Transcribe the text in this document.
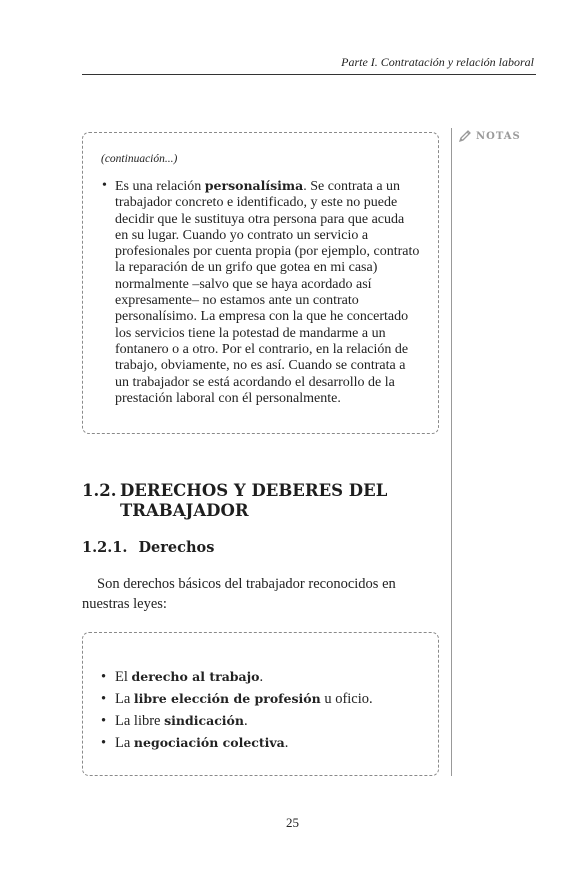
Parte I. Contratación y relación laboral
NOTAS
(continuación...)
• Es una relación personalísima. Se contrata a un trabajador concreto e identificado, y este no puede decidir que le sustituya otra persona para que acuda en su lugar. Cuando yo contrato un servicio a profesionales por cuenta propia (por ejemplo, contrato la reparación de un grifo que gotea en mi casa) normalmente –salvo que se haya acordado así expresamente– no estamos ante un contrato personalísimo. La empresa con la que he concertado los servicios tiene la potestad de mandarme a un fontanero o a otro. Por el contrario, en la relación de trabajo, obviamente, no es así. Cuando se contrata a un trabajador se está acordando el desarrollo de la prestación laboral con él personalmente.

1.2. DERECHOS Y DEBERES DEL TRABAJADOR
1.2.1. Derechos

Son derechos básicos del trabajador reconocidos en nuestras leyes:

• El derecho al trabajo.
• La libre elección de profesión u oficio.
• La libre sindicación.
• La negociación colectiva.
25
